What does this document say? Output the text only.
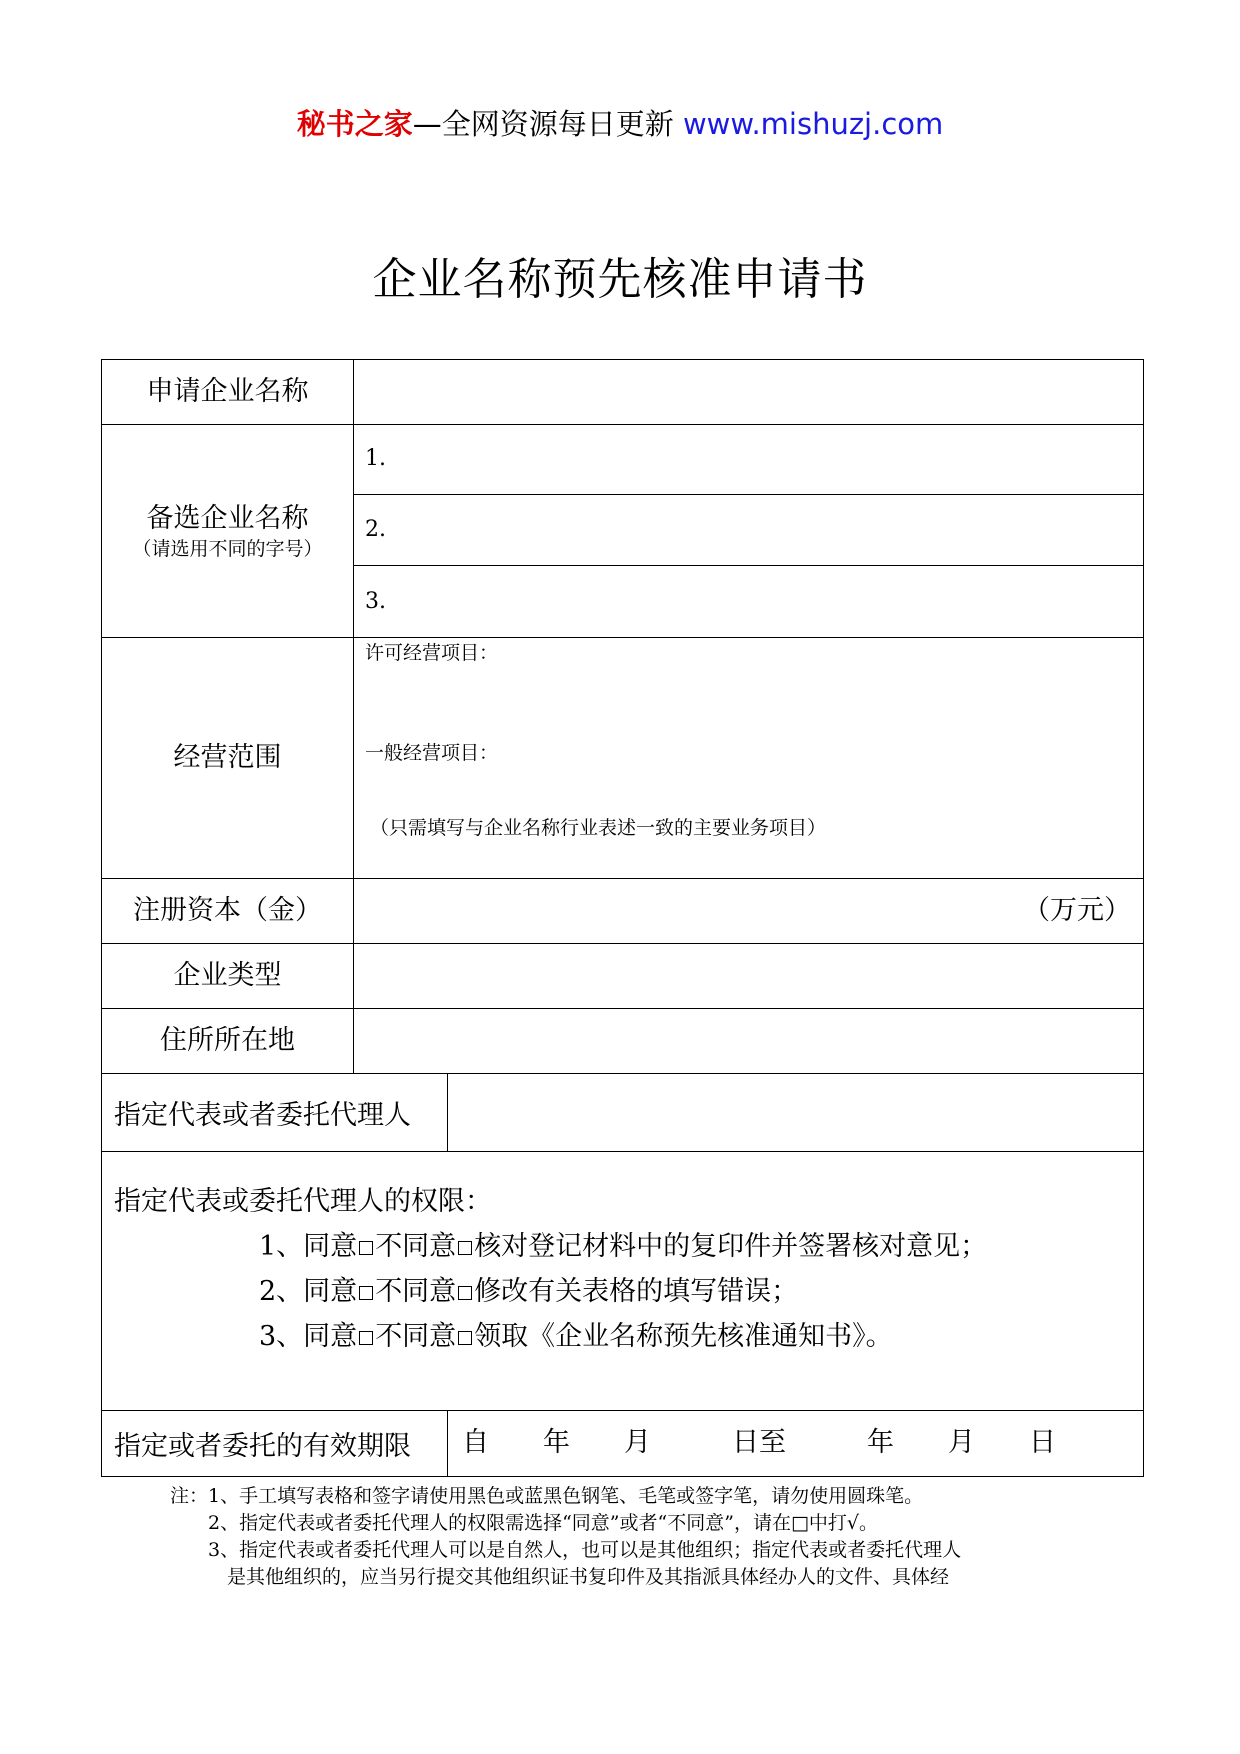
秘书之家—全网资源每日更新 www.mishuzj.com
企业名称预先核准申请书
申请企业名称
备选企业名称
（请选用不同的字号）
1.
2.
3.
经营范围
许可经营项目：
一般经营项目：
（只需填写与企业名称行业表述一致的主要业务项目）
注册资本（金）	（万元）
企业类型
住所所在地
指定代表或者委托代理人
指定代表或委托代理人的权限：
1、同意 不同意 核对登记材料中的复印件并签署核对意见；
2、同意 不同意 修改有关表格的填写错误；
3、同意 不同意 领取《企业名称预先核准通知书》。
指定或者委托的有效期限	自　　年　　月　　　日至　　　年　　月　　日
注：1、手工填写表格和签字请使用黑色或蓝黑色钢笔、毛笔或签字笔，请勿使用圆珠笔。
　　2、指定代表或者委托代理人的权限需选择“同意”或者“不同意”，请在□中打√。
　　3、指定代表或者委托代理人可以是自然人，也可以是其他组织；指定代表或者委托代理人
　　　是其他组织的，应当另行提交其他组织证书复印件及其指派具体经办人的文件、具体经
